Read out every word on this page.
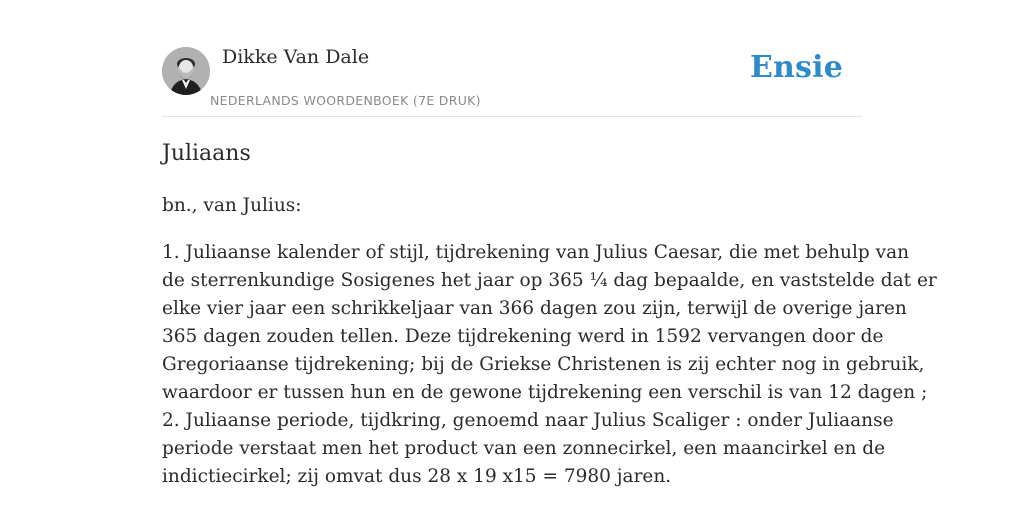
Dikke Van Dale
NEDERLANDS WOORDENBOEK (7E DRUK)
Ensie
Juliaans
bn., van Julius:
1. Juliaanse kalender of stijl, tijdrekening van Julius Caesar, die met behulp van
de sterrenkundige Sosigenes het jaar op 365 ¼ dag bepaalde, en vaststelde dat er
elke vier jaar een schrikkeljaar van 366 dagen zou zijn, terwijl de overige jaren
365 dagen zouden tellen. Deze tijdrekening werd in 1592 vervangen door de
Gregoriaanse tijdrekening; bij de Griekse Christenen is zij echter nog in gebruik,
waardoor er tussen hun en de gewone tijdrekening een verschil is van 12 dagen ;
2. Juliaanse periode, tijdkring, genoemd naar Julius Scaliger : onder Juliaanse
periode verstaat men het product van een zonnecirkel, een maancirkel en de
indictiecirkel; zij omvat dus 28 x 19 x15 = 7980 jaren.
